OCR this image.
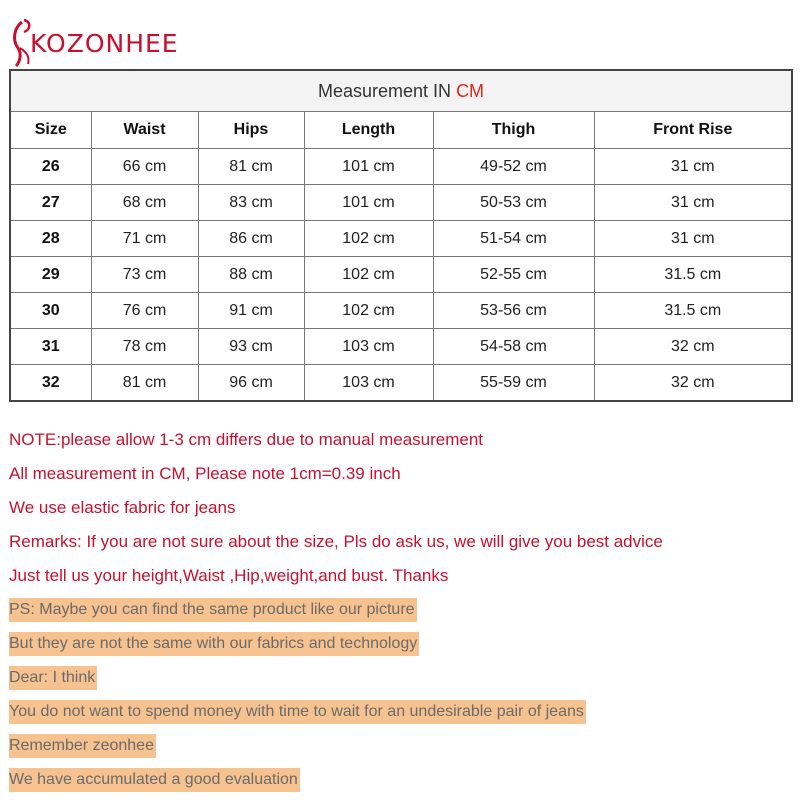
KOZONHEE
Measurement IN CM					
Size	Waist	Hips	Length	Thigh	Front Rise
26	66 cm	81 cm	101 cm	49-52 cm	31 cm
27	68 cm	83 cm	101 cm	50-53 cm	31 cm
28	71 cm	86 cm	102 cm	51-54 cm	31 cm
29	73 cm	88 cm	102 cm	52-55 cm	31.5 cm
30	76 cm	91 cm	102 cm	53-56 cm	31.5 cm
31	78 cm	93 cm	103 cm	54-58 cm	32 cm
32	81 cm	96 cm	103 cm	55-59 cm	32 cm
NOTE:please allow 1-3 cm differs due to manual measurement
All measurement in CM, Please note 1cm=0.39 inch
We use elastic fabric for jeans
Remarks: If you are not sure about the size, Pls do ask us, we will give you best advice
Just tell us your height,Waist ,Hip,weight,and bust. Thanks
PS: Maybe you can find the same product like our picture
But they are not the same with our fabrics and technology
Dear: I think
You do not want to spend money with time to wait for an undesirable pair of jeans
Remember zeonhee
We have accumulated a good evaluation
